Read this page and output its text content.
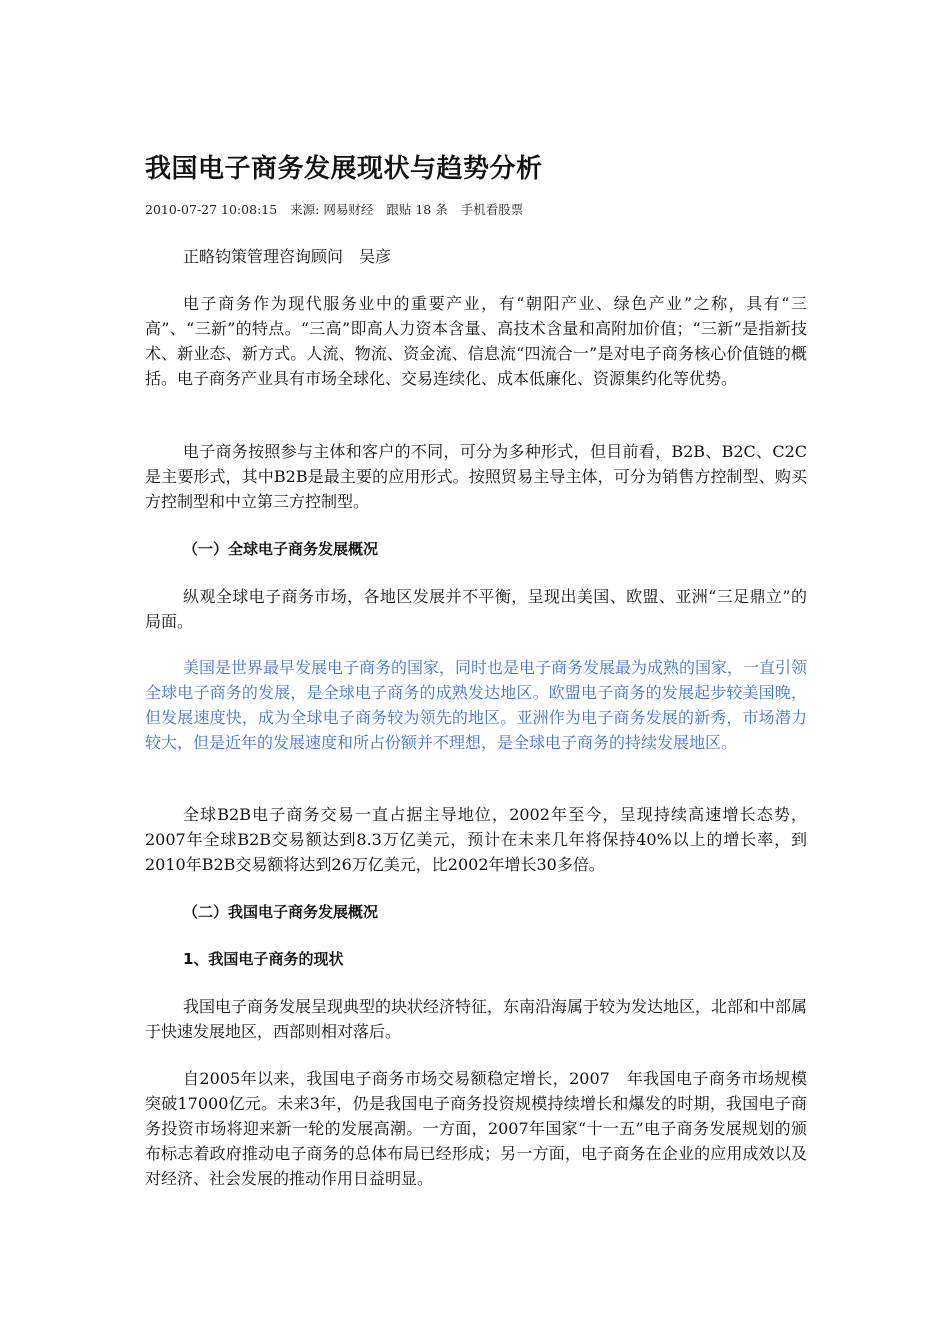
我国电子商务发展现状与趋势分析
2010-07-27 10:08:15 来源: 网易财经 跟贴 18 条 手机看股票

正略钧策管理咨询顾问 吴彦

电子商务作为现代服务业中的重要产业，有“朝阳产业、绿色产业”之称，具有“三高”、“三新”的特点。“三高”即高人力资本含量、高技术含量和高附加价值；“三新”是指新技术、新业态、新方式。人流、物流、资金流、信息流“四流合一”是对电子商务核心价值链的概括。电子商务产业具有市场全球化、交易连续化、成本低廉化、资源集约化等优势。

电子商务按照参与主体和客户的不同，可分为多种形式，但目前看，B2B、B2C、C2C是主要形式，其中B2B是最主要的应用形式。按照贸易主导主体，可分为销售方控制型、购买方控制型和中立第三方控制型。

（一）全球电子商务发展概况

纵观全球电子商务市场，各地区发展并不平衡，呈现出美国、欧盟、亚洲“三足鼎立”的局面。

美国是世界最早发展电子商务的国家，同时也是电子商务发展最为成熟的国家，一直引领全球电子商务的发展，是全球电子商务的成熟发达地区。欧盟电子商务的发展起步较美国晚，但发展速度快，成为全球电子商务较为领先的地区。亚洲作为电子商务发展的新秀，市场潜力较大，但是近年的发展速度和所占份额并不理想，是全球电子商务的持续发展地区。

全球B2B电子商务交易一直占据主导地位，2002年至今，呈现持续高速增长态势，2007年全球B2B交易额达到8.3万亿美元，预计在未来几年将保持40%以上的增长率，到2010年B2B交易额将达到26万亿美元，比2002年增长30多倍。

（二）我国电子商务发展概况
1、我国电子商务的现状

我国电子商务发展呈现典型的块状经济特征，东南沿海属于较为发达地区，北部和中部属于快速发展地区，西部则相对落后。

自2005年以来，我国电子商务市场交易额稳定增长，2007　年我国电子商务市场规模突破17000亿元。未来3年，仍是我国电子商务投资规模持续增长和爆发的时期，我国电子商务投资市场将迎来新一轮的发展高潮。一方面，2007年国家“十一五”电子商务发展规划的颁布标志着政府推动电子商务的总体布局已经形成；另一方面，电子商务在企业的应用成效以及对经济、社会发展的推动作用日益明显。
